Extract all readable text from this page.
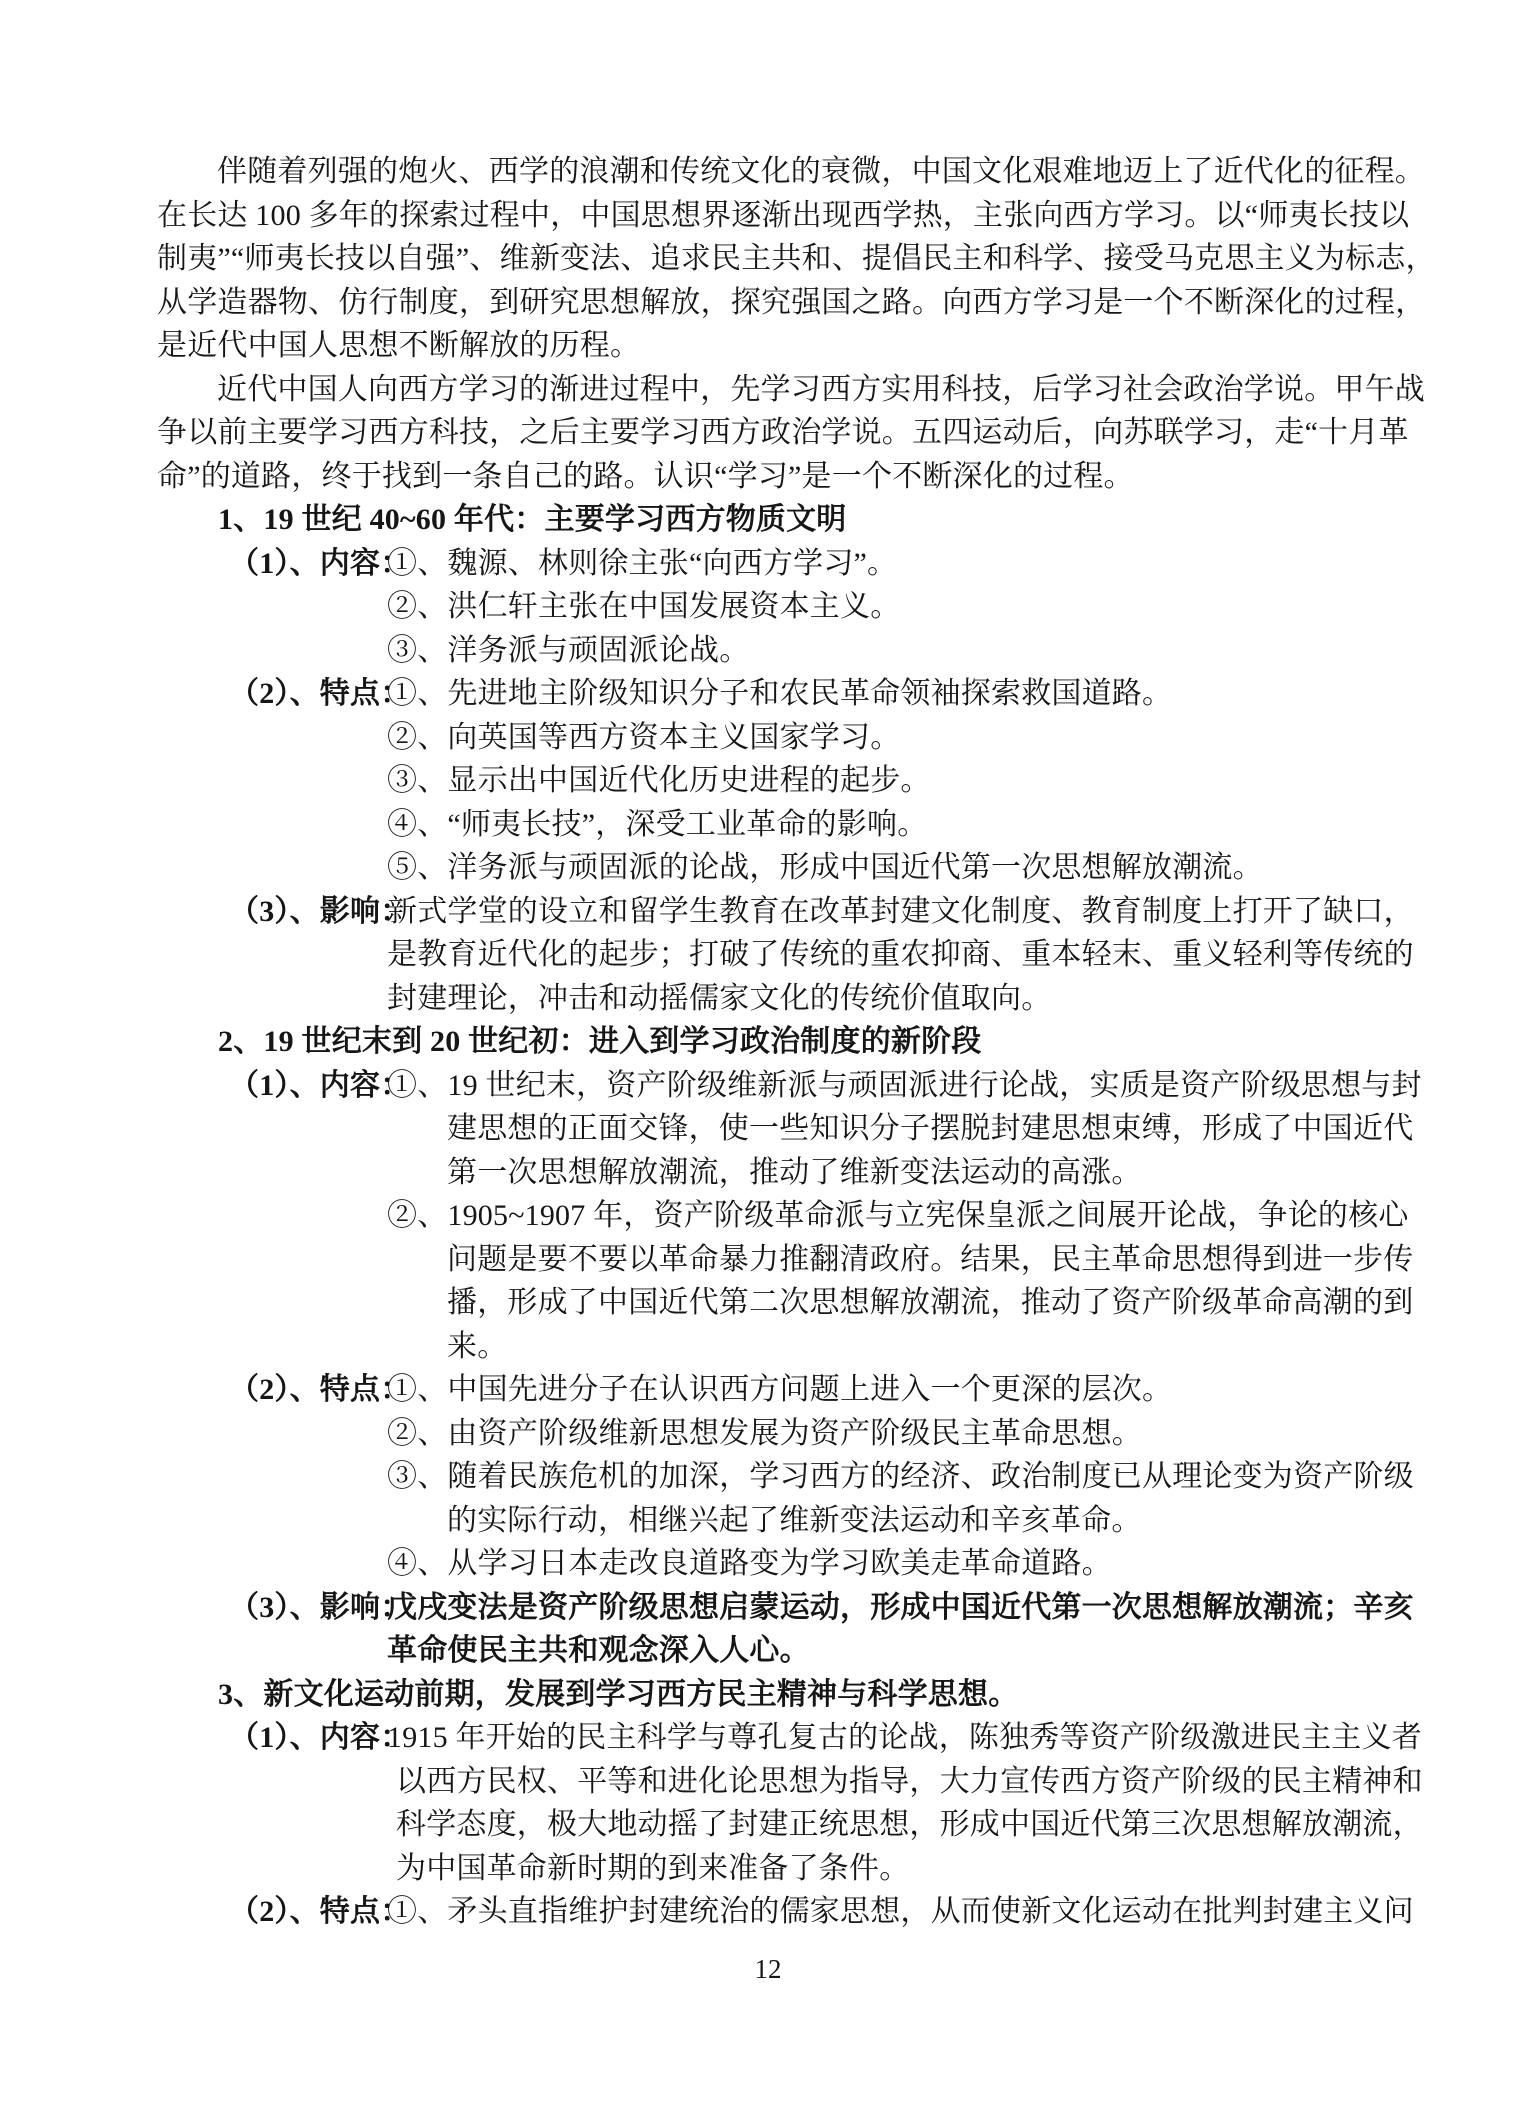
伴随着列强的炮火、西学的浪潮和传统文化的衰微，中国文化艰难地迈上了近代化的征程。
在长达 100 多年的探索过程中，中国思想界逐渐出现西学热，主张向西方学习。以“师夷长技以
制夷”“师夷长技以自强”、维新变法、追求民主共和、提倡民主和科学、接受马克思主义为标志，
从学造器物、仿行制度，到研究思想解放，探究强国之路。向西方学习是一个不断深化的过程，
是近代中国人思想不断解放的历程。
近代中国人向西方学习的渐进过程中，先学习西方实用科技，后学习社会政治学说。甲午战
争以前主要学习西方科技，之后主要学习西方政治学说。五四运动后，向苏联学习，走“十月革
命”的道路，终于找到一条自己的路。认识“学习”是一个不断深化的过程。
1、19 世纪 40~60 年代：主要学习西方物质文明
（1）、内容：①、魏源、林则徐主张“向西方学习”。
②、洪仁轩主张在中国发展资本主义。
③、洋务派与顽固派论战。
（2）、特点：①、先进地主阶级知识分子和农民革命领袖探索救国道路。
②、向英国等西方资本主义国家学习。
③、显示出中国近代化历史进程的起步。
④、“师夷长技”，深受工业革命的影响。
⑤、洋务派与顽固派的论战，形成中国近代第一次思想解放潮流。
（3）、影响：新式学堂的设立和留学生教育在改革封建文化制度、教育制度上打开了缺口，
是教育近代化的起步；打破了传统的重农抑商、重本轻末、重义轻利等传统的
封建理论，冲击和动摇儒家文化的传统价值取向。
2、19 世纪末到 20 世纪初：进入到学习政治制度的新阶段
（1）、内容：①、19 世纪末，资产阶级维新派与顽固派进行论战，实质是资产阶级思想与封
建思想的正面交锋，使一些知识分子摆脱封建思想束缚，形成了中国近代
第一次思想解放潮流，推动了维新变法运动的高涨。
②、1905~1907 年，资产阶级革命派与立宪保皇派之间展开论战，争论的核心
问题是要不要以革命暴力推翻清政府。结果，民主革命思想得到进一步传
播，形成了中国近代第二次思想解放潮流，推动了资产阶级革命高潮的到
来。
（2）、特点：①、中国先进分子在认识西方问题上进入一个更深的层次。
②、由资产阶级维新思想发展为资产阶级民主革命思想。
③、随着民族危机的加深，学习西方的经济、政治制度已从理论变为资产阶级
的实际行动，相继兴起了维新变法运动和辛亥革命。
④、从学习日本走改良道路变为学习欧美走革命道路。
（3）、影响：戊戌变法是资产阶级思想启蒙运动，形成中国近代第一次思想解放潮流；辛亥
革命使民主共和观念深入人心。
3、新文化运动前期，发展到学习西方民主精神与科学思想。
（1）、内容：1915 年开始的民主科学与尊孔复古的论战，陈独秀等资产阶级激进民主主义者
以西方民权、平等和进化论思想为指导，大力宣传西方资产阶级的民主精神和
科学态度，极大地动摇了封建正统思想，形成中国近代第三次思想解放潮流，
为中国革命新时期的到来准备了条件。
（2）、特点：①、矛头直指维护封建统治的儒家思想，从而使新文化运动在批判封建主义问
12
